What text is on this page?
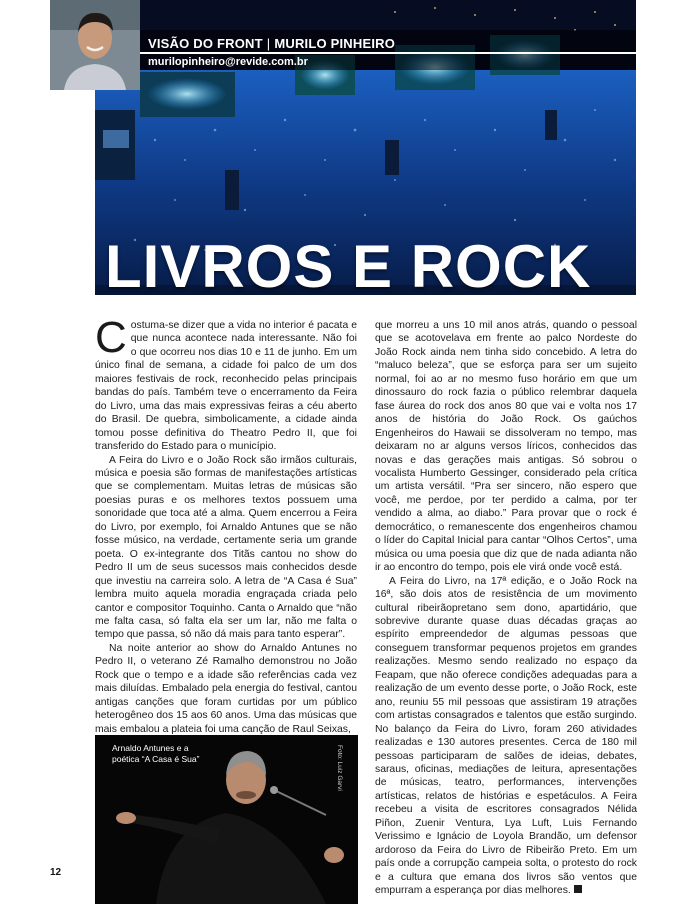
VISÃO DO FRONT | MURILO PINHEIRO
murilopinheiro@revide.com.br
LIVROS E ROCK

Costuma-se dizer que a vida no interior é pacata e que nunca acontece nada interessante. Não foi o que ocorreu nos dias 10 e 11 de junho. Em um único final de semana, a cidade foi palco de um dos maiores festivais de rock, reconhecido pelas principais bandas do país. Também teve o encerramento da Feira do Livro, uma das mais expressivas feiras a céu aberto do Brasil. De quebra, simbolicamente, a cidade ainda tomou posse definitiva do Theatro Pedro II, que foi transferido do Estado para o município.

A Feira do Livro e o João Rock são irmãos culturais, música e poesia são formas de manifestações artísticas que se complementam. Muitas letras de músicas são poesias puras e os melhores textos possuem uma sonoridade que toca até a alma. Quem encerrou a Feira do Livro, por exemplo, foi Arnaldo Antunes que se não fosse músico, na verdade, certamente seria um grande poeta. O ex-integrante dos Titãs cantou no show do Pedro II um de seus sucessos mais conhecidos desde que investiu na carreira solo. A letra de “A Casa é Sua” lembra muito aquela moradia engraçada criada pelo cantor e compositor Toquinho. Canta o Arnaldo que “não me falta casa, só falta ela ser um lar, não me falta o tempo que passa, só não dá mais para tanto esperar”.

Na noite anterior ao show do Arnaldo Antunes no Pedro II, o veterano Zé Ramalho demonstrou no João Rock que o tempo e a idade são referências cada vez mais diluídas. Embalado pela energia do festival, cantou antigas canções que foram curtidas por um público heterogêneo dos 15 aos 60 anos. Uma das músicas que mais embalou a plateia foi uma canção de Raul Seixas,

que morreu a uns 10 mil anos atrás, quando o pessoal que se acotovelava em frente ao palco Nordeste do João Rock ainda nem tinha sido concebido. A letra do “maluco beleza”, que se esforça para ser um sujeito normal, foi ao ar no mesmo fuso horário em que um dinossauro do rock fazia o público relembrar daquela fase áurea do rock dos anos 80 que vai e volta nos 17 anos de história do João Rock. Os gaúchos Engenheiros do Hawaii se dissolveram no tempo, mas deixaram no ar alguns versos líricos, conhecidos das novas e das gerações mais antigas. Só sobrou o vocalista Humberto Gessinger, considerado pela crítica um artista versátil. “Pra ser sincero, não espero que você, me perdoe, por ter perdido a calma, por ter vendido a alma, ao diabo.” Para provar que o rock é democrático, o remanescente dos engenheiros chamou o líder do Capital Inicial para cantar “Olhos Certos”, uma música ou uma poesia que diz que de nada adianta não ir ao encontro do tempo, pois ele virá onde você está.

A Feira do Livro, na 17ª edição, e o João Rock na 16ª, são dois atos de resistência de um movimento cultural ribeirãopretano sem dono, apartidário, que sobrevive durante quase duas décadas graças ao espírito empreendedor de algumas pessoas que conseguem transformar pequenos projetos em grandes realizações. Mesmo sendo realizado no espaço da Feapam, que não oferece condições adequadas para a realização de um evento desse porte, o João Rock, este ano, reuniu 55 mil pessoas que assistiram 19 atrações com artistas consagrados e talentos que estão surgindo. No balanço da Feira do Livro, foram 260 atividades realizadas e 130 autores presentes. Cerca de 180 mil pessoas participaram de salões de ideias, debates, saraus, oficinas, mediações de leitura, apresentações de músicas, teatro, performances, intervenções artísticas, relatos de histórias e espetáculos. A Feira recebeu a visita de escritores consagrados Nélida Piñon, Zuenir Ventura, Lya Luft, Luis Fernando Verissimo e Ignácio de Loyola Brandão, um defensor ardoroso da Feira do Livro de Ribeirão Preto. Em um país onde a corrupção campeia solta, o protesto do rock e a cultura que emana dos livros são ventos que empurram a esperança por dias melhores.

Arnaldo Antunes e a poética “A Casa é Sua”	Foto: Luiz Garvi
12
